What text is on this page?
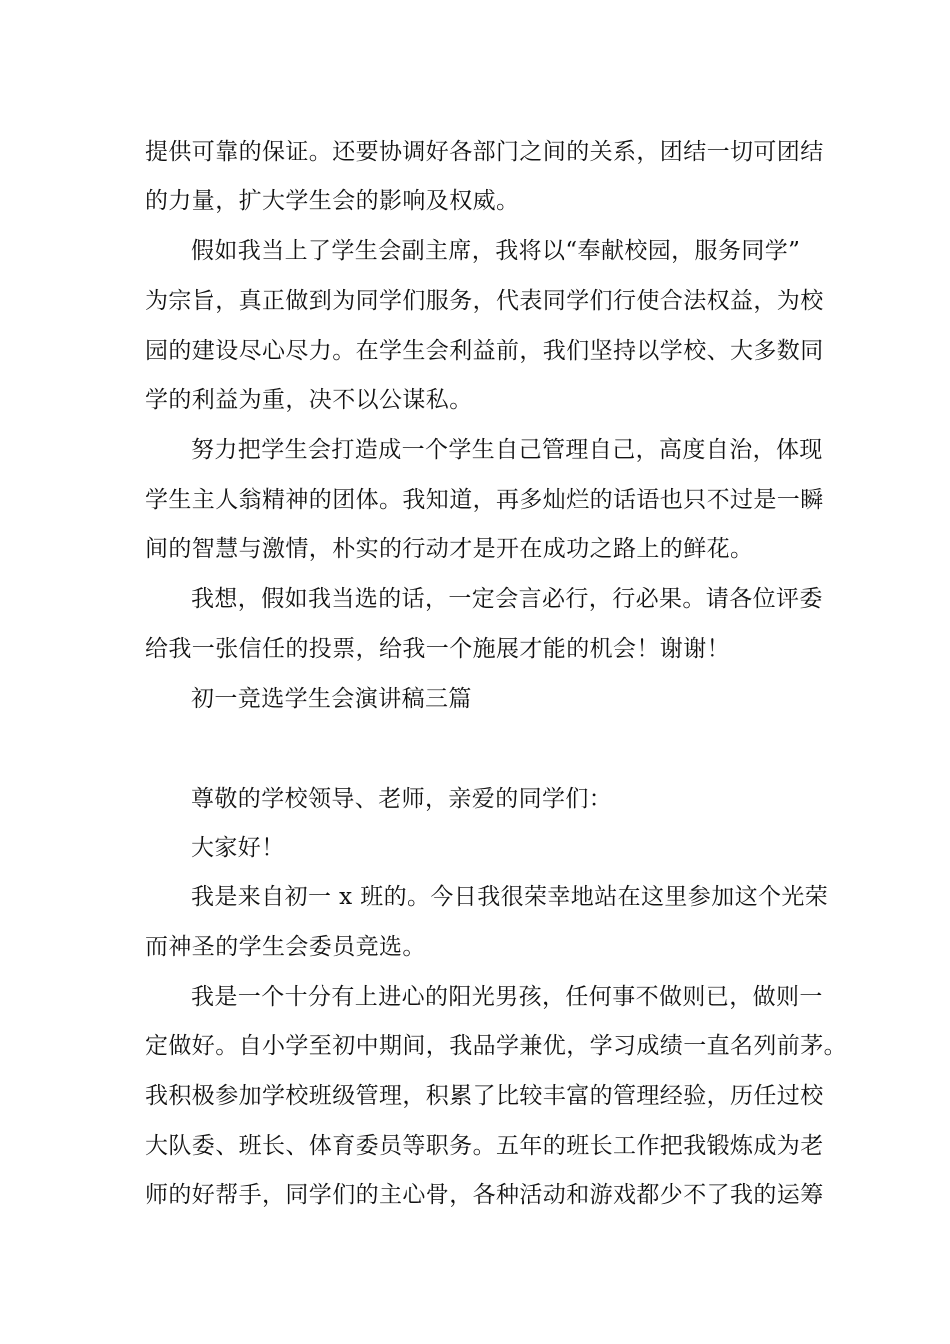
提供可靠的保证。还要协调好各部门之间的关系，团结一切可团结
的力量，扩大学生会的影响及权威。
假如我当上了学生会副主席，我将以“奉献校园，服务同学”
为宗旨，真正做到为同学们服务，代表同学们行使合法权益，为校
园的建设尽心尽力。在学生会利益前，我们坚持以学校、大多数同
学的利益为重，决不以公谋私。
努力把学生会打造成一个学生自己管理自己，高度自治，体现
学生主人翁精神的团体。我知道，再多灿烂的话语也只不过是一瞬
间的智慧与激情，朴实的行动才是开在成功之路上的鲜花。
我想，假如我当选的话，一定会言必行，行必果。请各位评委
给我一张信任的投票，给我一个施展才能的机会！谢谢！
初一竞选学生会演讲稿三篇
尊敬的学校领导、老师，亲爱的同学们：
大家好！
我是来自初一 x 班的。今日我很荣幸地站在这里参加这个光荣
而神圣的学生会委员竞选。
我是一个十分有上进心的阳光男孩，任何事不做则已，做则一
定做好。自小学至初中期间，我品学兼优，学习成绩一直名列前茅。
我积极参加学校班级管理，积累了比较丰富的管理经验，历任过校
大队委、班长、体育委员等职务。五年的班长工作把我锻炼成为老
师的好帮手，同学们的主心骨，各种活动和游戏都少不了我的运筹
